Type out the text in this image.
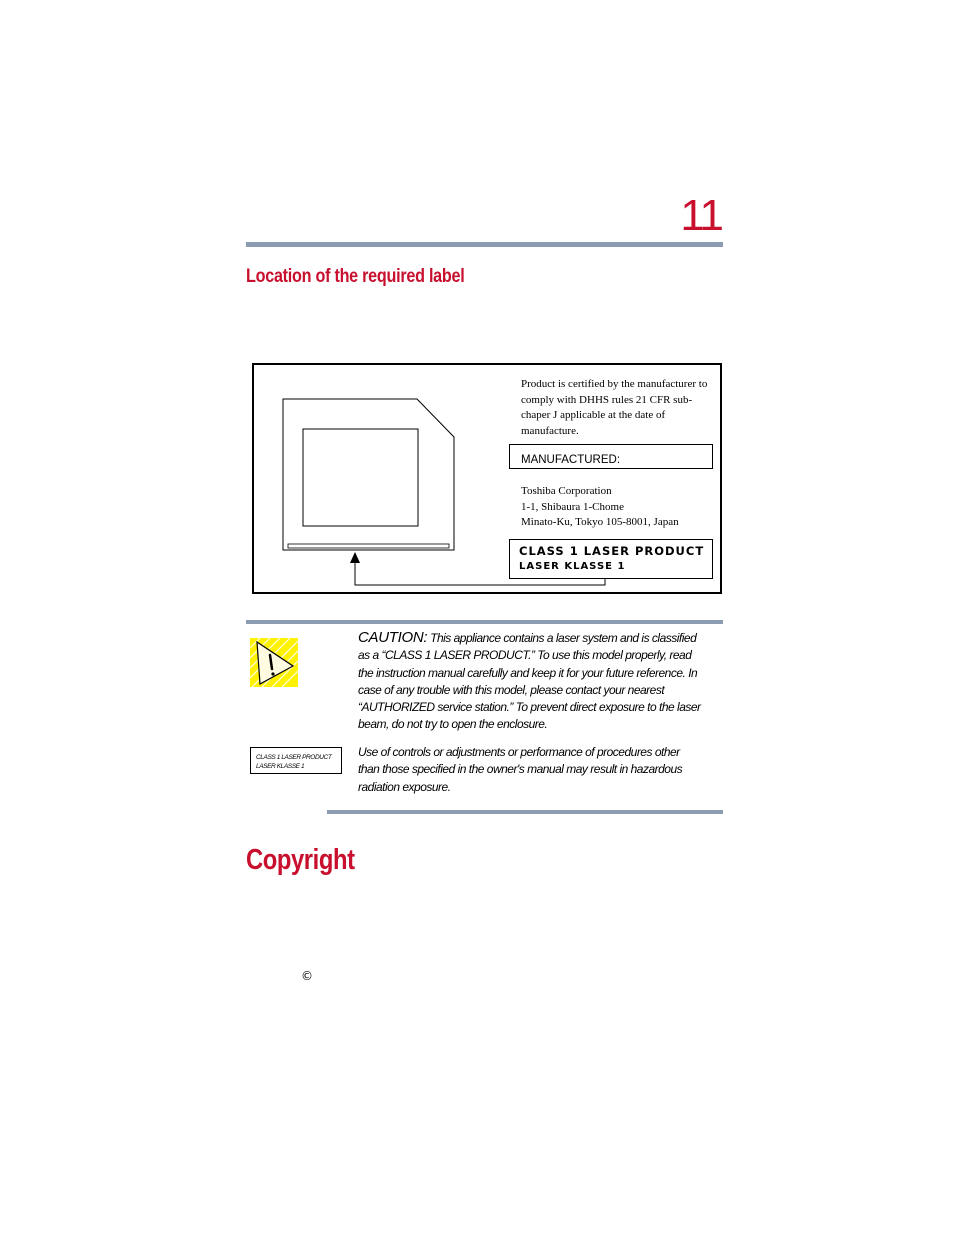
11
Location of the required label
Product is certified by the manufacturer to comply with DHHS rules 21 CFR sub-chaper J applicable at the date of manufacture.
MANUFACTURED:
Toshiba Corporation
1-1, Shibaura 1-Chome
Minato-Ku, Tokyo 105-8001, Japan
CLASS 1 LASER PRODUCT
LASER KLASSE 1
CAUTION: This appliance contains a laser system and is classified as a “CLASS 1 LASER PRODUCT.” To use this model properly, read the instruction manual carefully and keep it for your future reference. In case of any trouble with this model, please contact your nearest “AUTHORIZED service station.” To prevent direct exposure to the laser beam, do not try to open the enclosure.
CLASS 1 LASER PRODUCT
LASER KLASSE 1
Use of controls or adjustments or performance of procedures other than those specified in the owner's manual may result in hazardous radiation exposure.
Copyright
©
